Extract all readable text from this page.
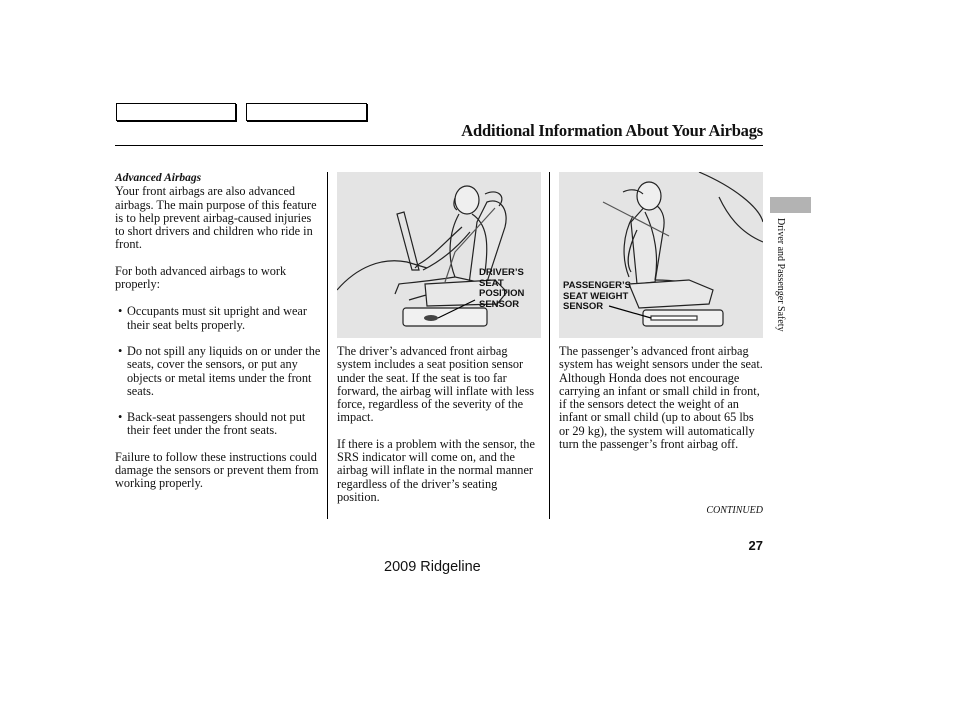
Additional Information About Your Airbags

Advanced Airbags

Your front airbags are also advanced airbags. The main purpose of this feature is to help prevent airbag-caused injuries to short drivers and children who ride in front.

For both advanced airbags to work properly:

• Occupants must sit upright and wear their seat belts properly.

• Do not spill any liquids on or under the seats, cover the sensors, or put any objects or metal items under the front seats.

• Back-seat passengers should not put their feet under the front seats.

Failure to follow these instructions could damage the sensors or prevent them from working properly.

DRIVER’S
SEAT
POSITION
SENSOR

The driver’s advanced front airbag system includes a seat position sensor under the seat. If the seat is too far forward, the airbag will inflate with less force, regardless of the severity of the impact.

If there is a problem with the sensor, the SRS indicator will come on, and the airbag will inflate in the normal manner regardless of the driver’s seating position.

PASSENGER’S
SEAT WEIGHT
SENSOR

The passenger’s advanced front airbag system has weight sensors under the seat. Although Honda does not encourage carrying an infant or small child in front, if the sensors detect the weight of an infant or small child (up to about 65 lbs or 29 kg), the system will automatically turn the passenger’s front airbag off.

CONTINUED
27
2009 Ridgeline
Driver and Passenger Safety
